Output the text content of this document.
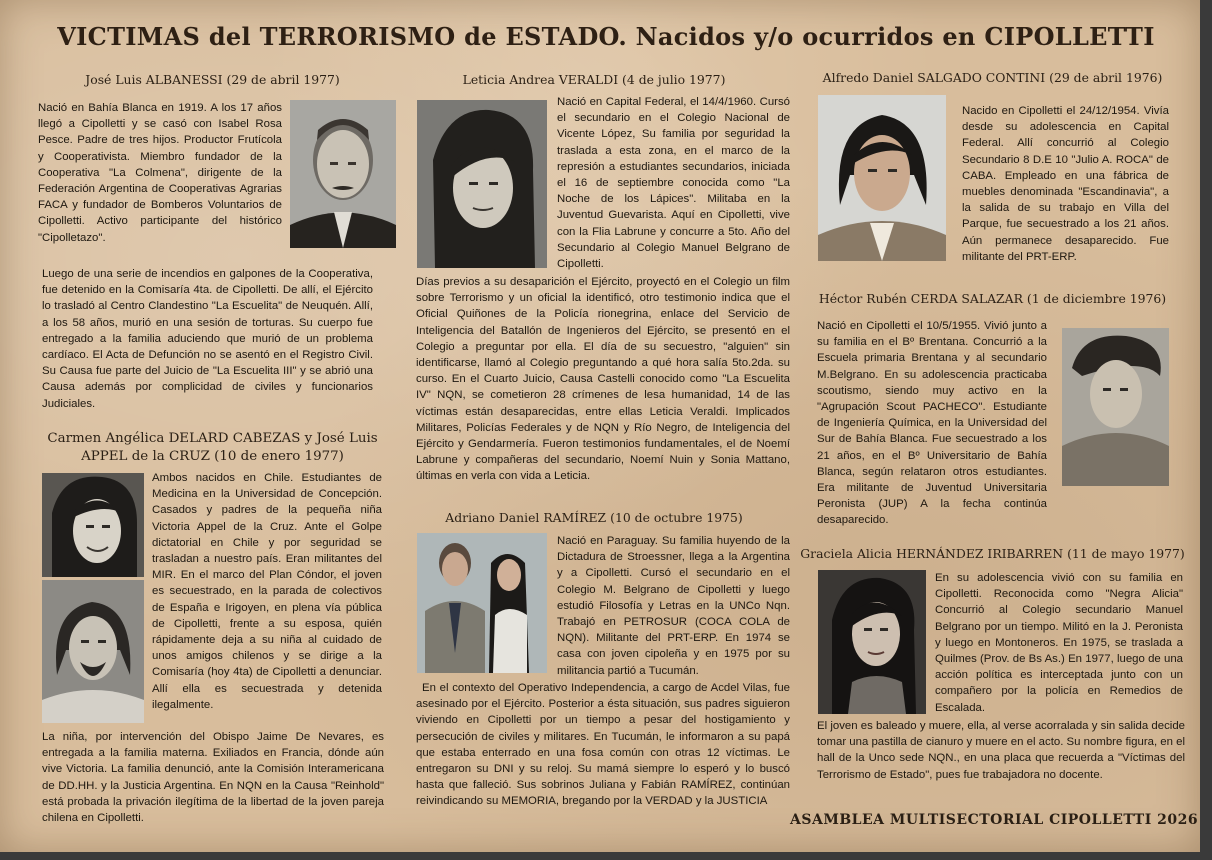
VICTIMAS del TERRORISMO de ESTADO. Nacidos y/o ocurridos en CIPOLLETTI
José Luis ALBANESSI (29 de abril 1977)

Nació en Bahía Blanca en 1919. A los 17 años llegó a Cipolletti y se casó con Isabel Rosa Pesce. Padre de tres hijos. Productor Frutícola y Cooperativista. Miembro fundador de la Cooperativa "La Colmena", dirigente de la Federación Argentina de Cooperativas Agrarias FACA y fundador de Bomberos Voluntarios de Cipolletti. Activo participante del histórico "Cipolletazo".

Luego de una serie de incendios en galpones de la Cooperativa, fue detenido en la Comisaría 4ta. de Cipolletti. De allí, el Ejército lo trasladó al Centro Clandestino "La Escuelita" de Neuquén. Allí, a los 58 años, murió en una sesión de torturas. Su cuerpo fue entregado a la familia aduciendo que murió de un problema cardíaco. El Acta de Defunción no se asentó en el Registro Civil. Su Causa fue parte del Juicio de "La Escuelita III" y se abrió una Causa además por complicidad de civiles y funcionarios Judiciales.

Carmen Angélica DELARD CABEZAS y José Luis APPEL de la CRUZ (10 de enero 1977)

Ambos nacidos en Chile. Estudiantes de Medicina en la Universidad de Concepción. Casados y padres de la pequeña niña Victoria Appel de la Cruz. Ante el Golpe dictatorial en Chile y por seguridad se trasladan a nuestro país. Eran militantes del MIR. En el marco del Plan Cóndor, el joven es secuestrado, en la parada de colectivos de España e Irigoyen, en plena vía pública de Cipolletti, frente a su esposa, quién rápidamente deja a su niña al cuidado de unos amigos chilenos y se dirige a la Comisaría (hoy 4ta) de Cipolletti a denunciar. Allí ella es secuestrada y detenida ilegalmente.

La niña, por intervención del Obispo Jaime De Nevares, es entregada a la familia materna. Exiliados en Francia, dónde aún vive Victoria. La familia denunció, ante la Comisión Interamericana de DD.HH. y la Justicia Argentina. En NQN en la Causa "Reinhold" está probada la privación ilegítima de la libertad de la joven pareja chilena en Cipolletti.

Leticia Andrea VERALDI (4 de julio 1977)

Nació en Capital Federal, el 14/4/1960. Cursó el secundario en el Colegio Nacional de Vicente López, Su familia por seguridad la traslada a esta zona, en el marco de la represión a estudiantes secundarios, iniciada el 16 de septiembre conocida como "La Noche de los Lápices". Militaba en la Juventud Guevarista. Aquí en Cipolletti, vive con la Flia Labrune y concurre a 5to. Año del Secundario al Colegio Manuel Belgrano de Cipolletti.

Días previos a su desaparición el Ejército, proyectó en el Colegio un film sobre Terrorismo y un oficial la identificó, otro testimonio indica que el Oficial Quiñones de la Policía rionegrina, enlace del Servicio de Inteligencia del Batallón de Ingenieros del Ejército, se presentó en el Colegio a preguntar por ella. El día de su secuestro, "alguien" sin identificarse, llamó al Colegio preguntando a qué hora salía 5to.2da. su curso. En el Cuarto Juicio, Causa Castelli conocido como "La Escuelita IV" NQN, se cometieron 28 crímenes de lesa humanidad, 14 de las víctimas están desaparecidas, entre ellas Leticia Veraldi. Implicados Militares, Policías Federales y de NQN y Río Negro, de Inteligencia del Ejército y Gendarmería. Fueron testimonios fundamentales, el de Noemí Labrune y compañeras del secundario, Noemí Nuin y Sonia Mattano, últimas en verla con vida a Leticia.

Adriano Daniel RAMÍREZ (10 de octubre 1975)

Nació en Paraguay. Su familia huyendo de la Dictadura de Stroessner, llega a la Argentina y a Cipolletti. Cursó el secundario en el Colegio M. Belgrano de Cipolletti y luego estudió Filosofía y Letras en la UNCo Nqn. Trabajó en PETROSUR (COCA COLA de NQN). Militante del PRT-ERP. En 1974 se casa con joven cipoleña y en 1975 por su militancia partió a Tucumán.

En el contexto del Operativo Independencia, a cargo de Acdel Vilas, fue asesinado por el Ejército. Posterior a ésta situación, sus padres siguieron viviendo en Cipolletti por un tiempo a pesar del hostigamiento y persecución de civiles y militares. En Tucumán, le informaron a su papá que estaba enterrado en una fosa común con otras 12 víctimas. Le entregaron su DNI y su reloj. Su mamá siempre lo esperó y lo buscó hasta que falleció. Sus sobrinos Juliana y Fabián RAMÍREZ, continúan reivindicando su MEMORIA, bregando por la VERDAD y la JUSTICIA

Alfredo Daniel SALGADO CONTINI (29 de abril 1976)

Nacido en Cipolletti el 24/12/1954. Vivía desde su adolescencia en Capital Federal. Allí concurrió al Colegio Secundario 8 D.E 10 "Julio A. ROCA" de CABA. Empleado en una fábrica de muebles denominada "Escandinavia", a la salida de su trabajo en Villa del Parque, fue secuestrado a los 21 años. Aún permanece desaparecido. Fue militante del PRT-ERP.

Héctor Rubén CERDA SALAZAR (1 de diciembre 1976)

Nació en Cipolletti el 10/5/1955. Vivió junto a su familia en el Bº Brentana. Concurrió a la Escuela primaria Brentana y al secundario M.Belgrano. En su adolescencia practicaba scoutismo, siendo muy activo en la "Agrupación Scout PACHECO". Estudiante de Ingeniería Química, en la Universidad del Sur de Bahía Blanca. Fue secuestrado a los 21 años, en el Bº Universitario de Bahía Blanca, según relataron otros estudiantes. Era militante de Juventud Universitaria Peronista (JUP) A la fecha continúa desaparecido.

Graciela Alicia HERNÁNDEZ IRIBARREN (11 de mayo 1977)

En su adolescencia vivió con su familia en Cipolletti. Reconocida como "Negra Alicia" Concurrió al Colegio secundario Manuel Belgrano por un tiempo. Militó en la J. Peronista y luego en Montoneros. En 1975, se traslada a Quilmes (Prov. de Bs As.) En 1977, luego de una acción política es interceptada junto con un compañero por la policía en Remedios de Escalada.

El joven es baleado y muere, ella, al verse acorralada y sin salida decide tomar una pastilla de cianuro y muere en el acto. Su nombre figura, en el hall de la Unco sede NQN., en una placa que recuerda a "Víctimas del Terrorismo de Estado", pues fue trabajadora no docente.

ASAMBLEA MULTISECTORIAL CIPOLLETTI 2026
